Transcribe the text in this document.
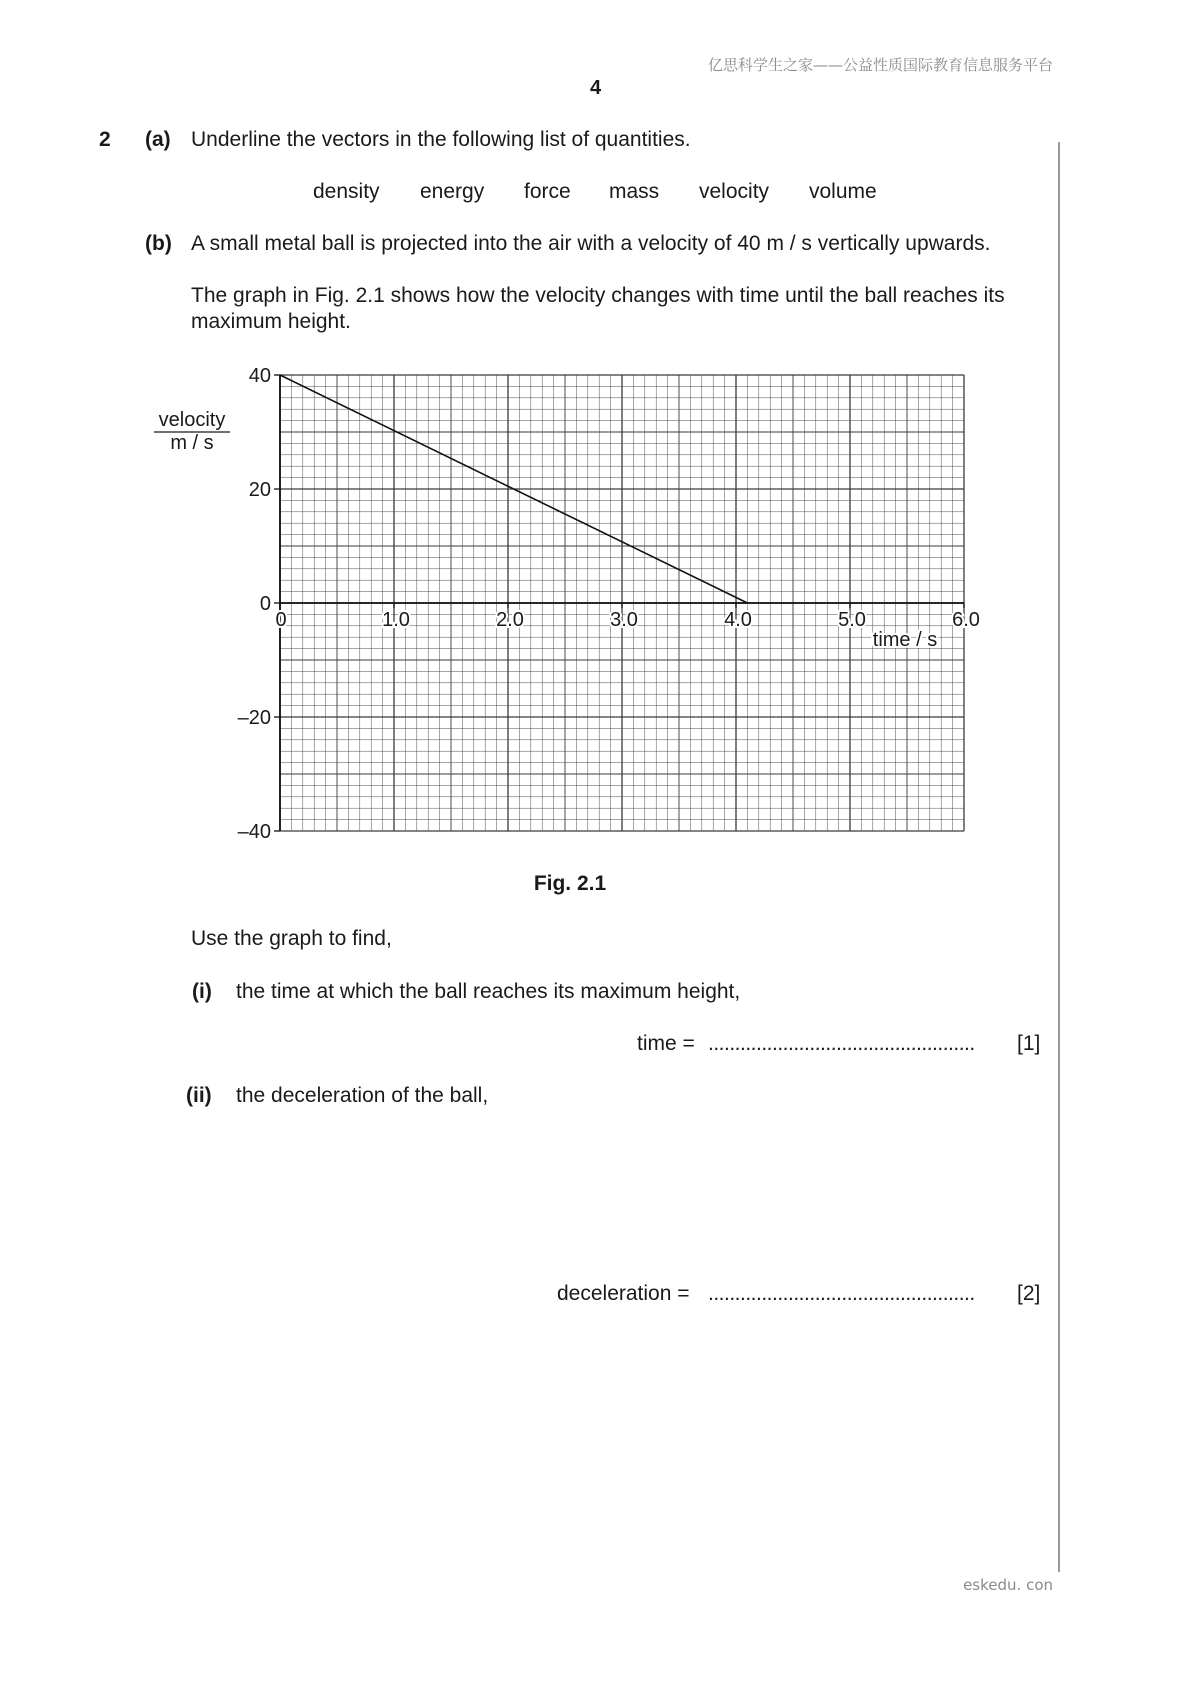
亿思科学生之家——公益性质国际教育信息服务平台
4
2 (a) Underline the vectors in the following list of quantities.
density energy force mass velocity volume
(b) A small metal ball is projected into the air with a velocity of 40 m / s vertically upwards.
The graph in Fig. 2.1 shows how the velocity changes with time until the ball reaches its
maximum height.
40
20
0
–20
–40
0	1.0	2.0	3.0	4.0	5.0	6.0
velocity
m / s
time / s
Fig. 2.1
Use the graph to find,
(i) the time at which the ball reaches its maximum height,
time = .................................................. [1]
(ii) the deceleration of the ball,
deceleration = .................................................. [2]
eskedu. con
